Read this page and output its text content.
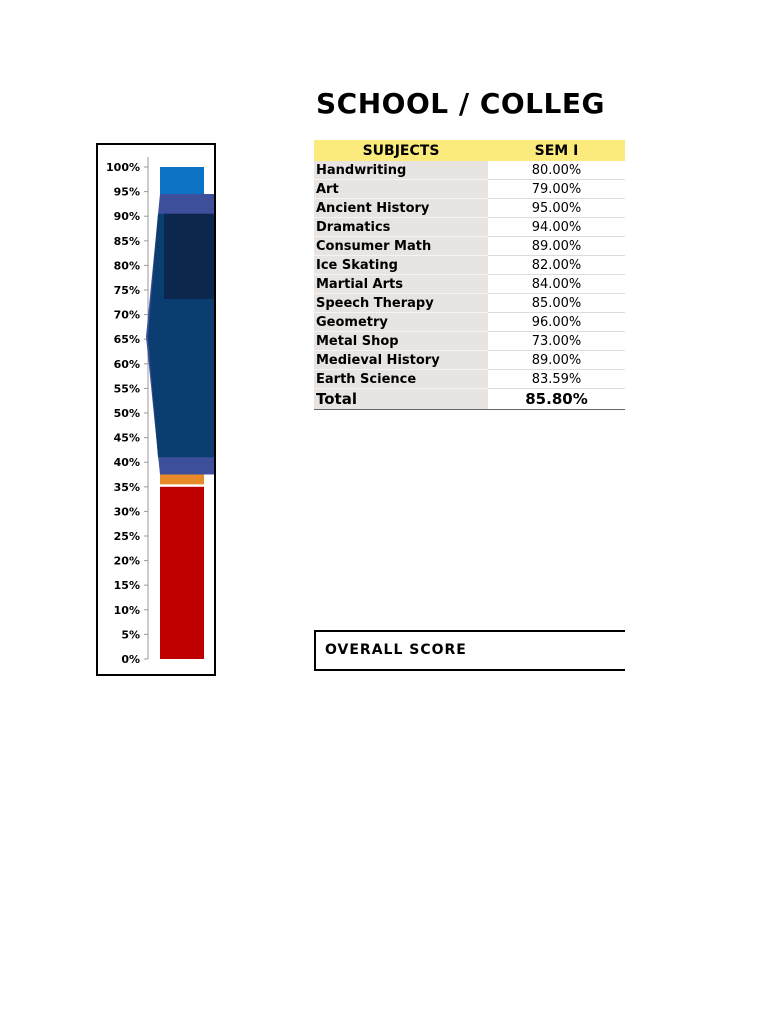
SCHOOL / COLLEG
0%
5%
10%
15%
20%
25%
30%
35%
40%
45%
50%
55%
60%
65%
70%
75%
80%
85%
90%
95%
100%
SUBJECTS	SEM I
Handwriting	80.00%
Art	79.00%
Ancient History	95.00%
Dramatics	94.00%
Consumer Math	89.00%
Ice Skating	82.00%
Martial Arts	84.00%
Speech Therapy	85.00%
Geometry	96.00%
Metal Shop	73.00%
Medieval History	89.00%
Earth Science	83.59%
Total	85.80%
OVERALL SCORE
